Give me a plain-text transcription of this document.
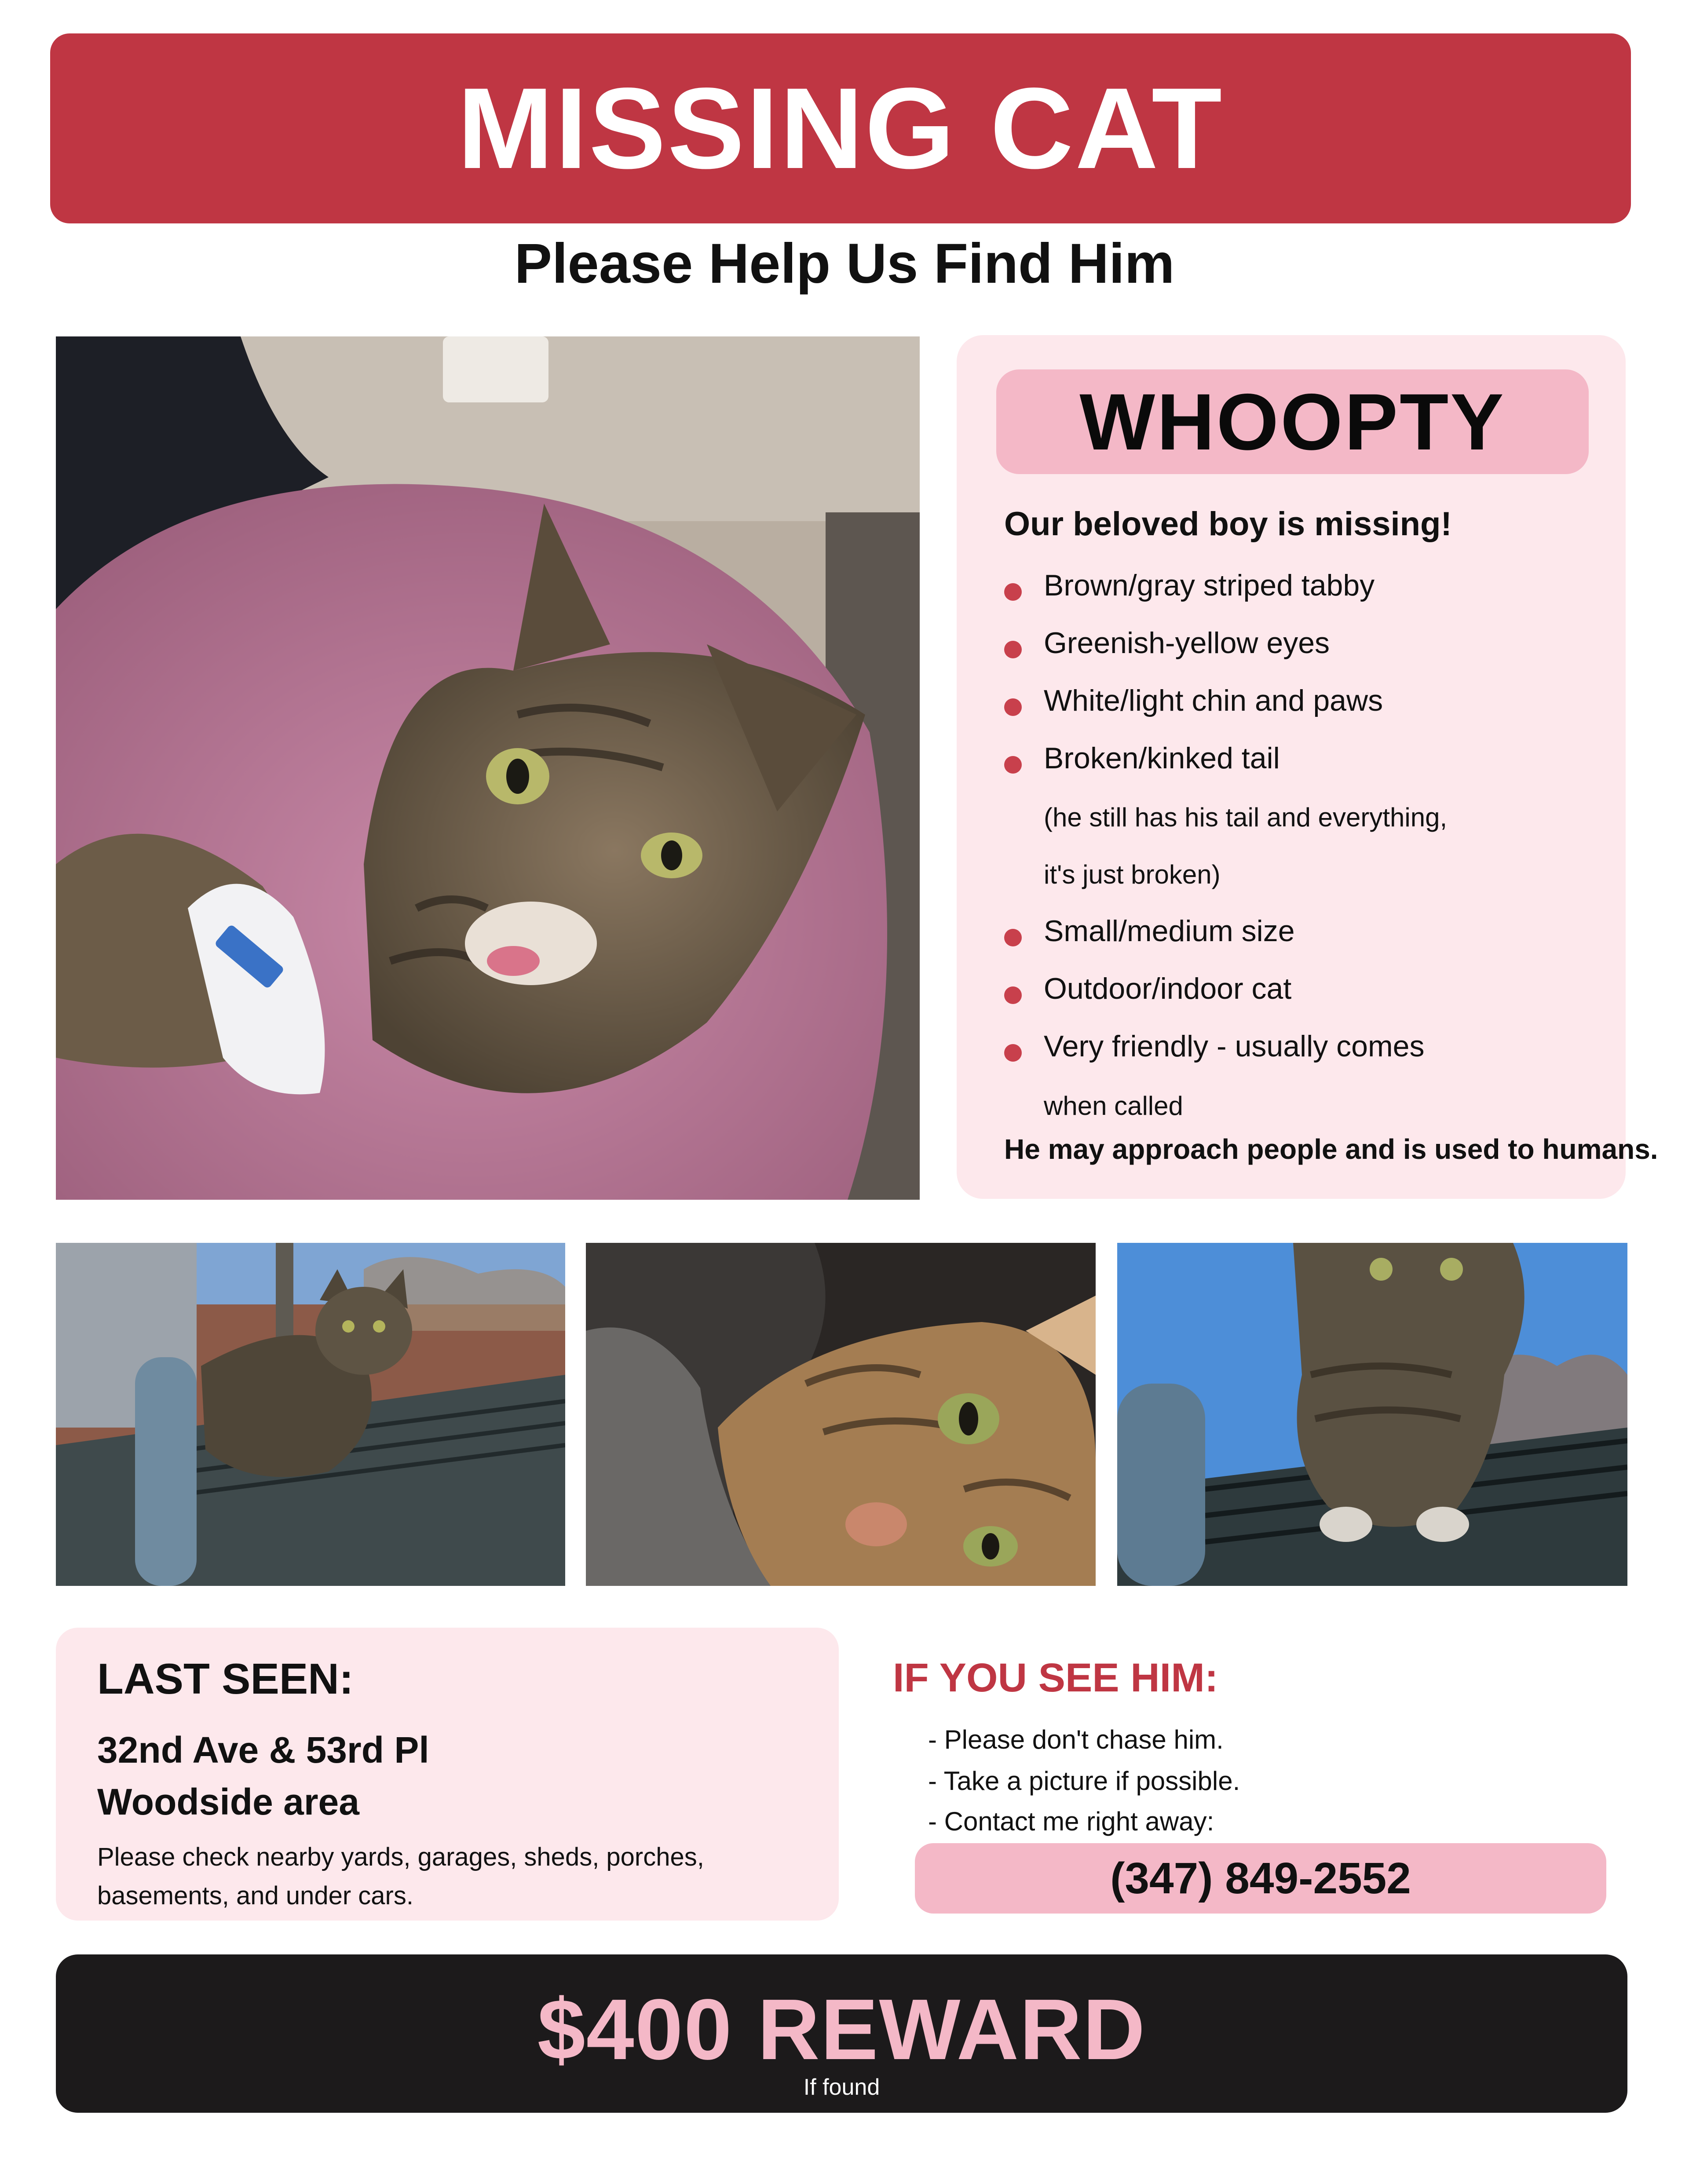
MISSING CAT
Please Help Us Find Him
WHOOPTY
Our beloved boy is missing!
Brown/gray striped tabby
Greenish-yellow eyes
White/light chin and paws
Broken/kinked tail
(he still has his tail and everything,
it's just broken)
Small/medium size
Outdoor/indoor cat
Very friendly - usually comes
when called
He may approach people and is used to humans.
LAST SEEN:
32nd Ave & 53rd Pl
Woodside area
Please check nearby yards, garages, sheds, porches, basements, and under cars.
IF YOU SEE HIM:
- Please don't chase him.
- Take a picture if possible.
- Contact me right away:
(347) 849-2552
$400 REWARD
If found
